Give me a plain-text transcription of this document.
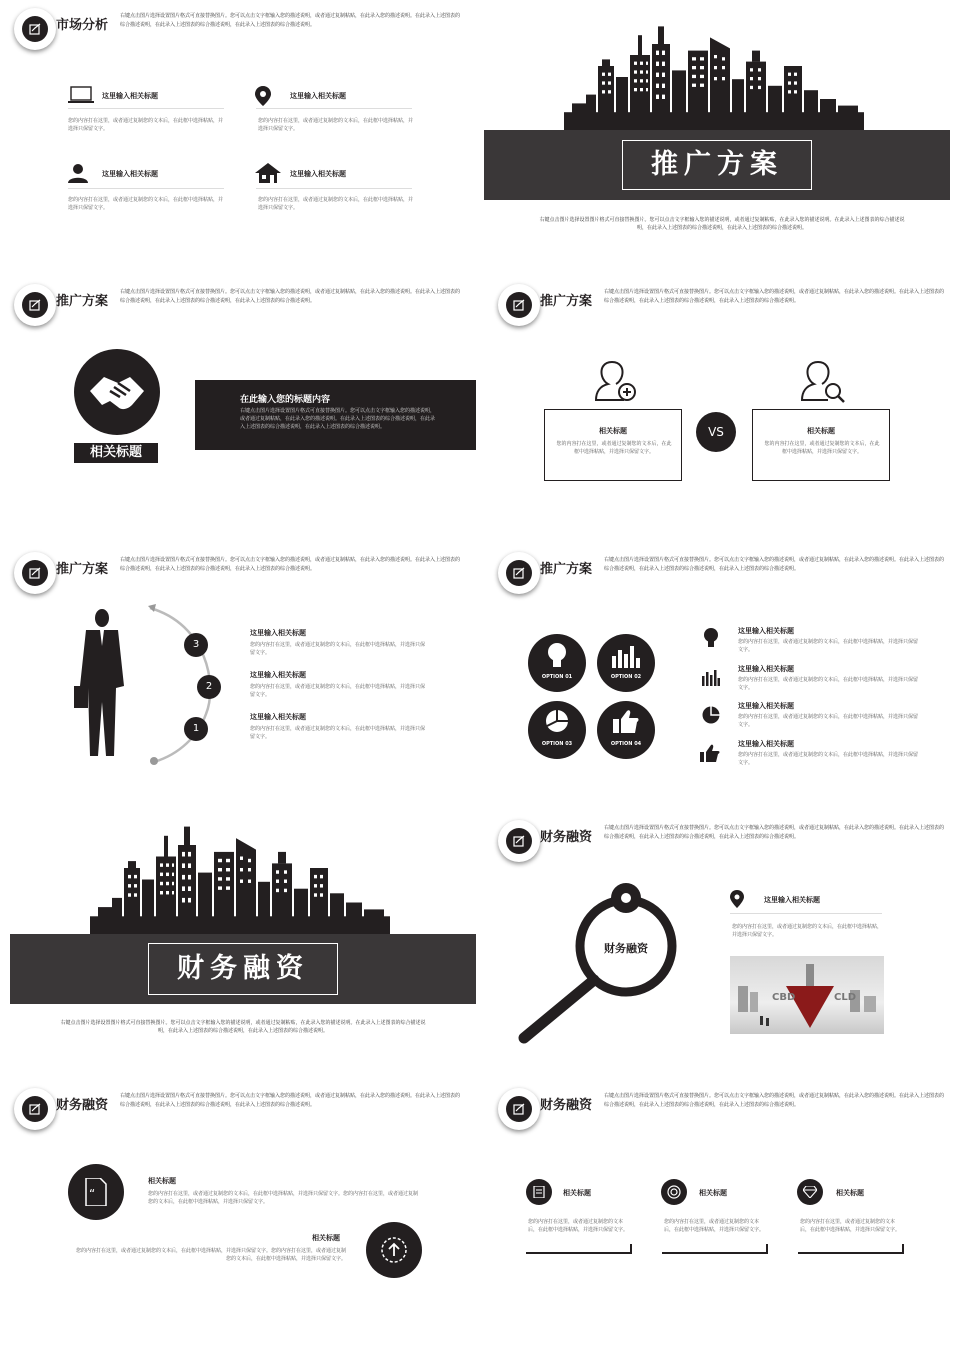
市场分析
右键点击图片选择设置图片格式可直接替换图片。您可以点击文字框输入您的描述说明，或者通过复制粘贴，在此录入您的描述说明。在此录入上述图表的综合描述说明，在此录入上述图表的综合描述说明，在此录入上述图表的综合描述说明。
这里输入相关标题
您的内容打在这里，或者通过复制您的文本后，在此框中选择粘贴，并选择只保留文字。
这里输入相关标题
您的内容打在这里，或者通过复制您的文本后，在此框中选择粘贴，并选择只保留文字。
这里输入相关标题
您的内容打在这里，或者通过复制您的文本后，在此框中选择粘贴，并选择只保留文字。
这里输入相关标题
您的内容打在这里，或者通过复制您的文本后，在此框中选择粘贴，并选择只保留文字。
推广方案
右键点击图片选择设置图片格式可直接替换图片。您可以点击文字框输入您的描述说明，或者通过复制粘贴，在此录入您的描述说明。在此录入上述图表的综合描述说明，在此录入上述图表的综合描述说明，在此录入上述图表的综合描述说明。
推广方案
右键点击图片选择设置图片格式可直接替换图片。您可以点击文字框输入您的描述说明，或者通过复制粘贴，在此录入您的描述说明。在此录入上述图表的综合描述说明，在此录入上述图表的综合描述说明，在此录入上述图表的综合描述说明。
相关标题
在此输入您的标题内容
右键点击图片选择设置图片格式可直接替换图片。您可以点击文字框输入您的描述说明，或者通过复制粘贴，在此录入您的描述说明。在此录入上述图表的综合描述说明，在此录入上述图表的综合描述说明，在此录入上述图表的综合描述说明。
推广方案
右键点击图片选择设置图片格式可直接替换图片。您可以点击文字框输入您的描述说明，或者通过复制粘贴，在此录入您的描述说明。在此录入上述图表的综合描述说明，在此录入上述图表的综合描述说明，在此录入上述图表的综合描述说明。
相关标题
您的内容打在这里，或者通过复制您的文本后，在此框中选择粘贴，并选择只保留文字。
VS	相关标题
您的内容打在这里，或者通过复制您的文本后，在此框中选择粘贴，并选择只保留文字。
推广方案
右键点击图片选择设置图片格式可直接替换图片。您可以点击文字框输入您的描述说明，或者通过复制粘贴，在此录入您的描述说明。在此录入上述图表的综合描述说明，在此录入上述图表的综合描述说明，在此录入上述图表的综合描述说明。
3
2
1
这里输入相关标题
您的内容打在这里，或者通过复制您的文本后，在此框中选择粘贴，并选择只保留文字。
这里输入相关标题
您的内容打在这里，或者通过复制您的文本后，在此框中选择粘贴，并选择只保留文字。
这里输入相关标题
您的内容打在这里，或者通过复制您的文本后，在此框中选择粘贴，并选择只保留文字。
推广方案
右键点击图片选择设置图片格式可直接替换图片。您可以点击文字框输入您的描述说明，或者通过复制粘贴，在此录入您的描述说明。在此录入上述图表的综合描述说明，在此录入上述图表的综合描述说明，在此录入上述图表的综合描述说明。
OPTION 01	OPTION 02
OPTION 03	OPTION 04
这里输入相关标题
您的内容打在这里，或者通过复制您的文本后，在此框中选择粘贴，并选择只保留文字。
这里输入相关标题
您的内容打在这里，或者通过复制您的文本后，在此框中选择粘贴，并选择只保留文字。
这里输入相关标题
您的内容打在这里，或者通过复制您的文本后，在此框中选择粘贴，并选择只保留文字。
这里输入相关标题
您的内容打在这里，或者通过复制您的文本后，在此框中选择粘贴，并选择只保留文字。
财务融资
右键点击图片选择设置图片格式可直接替换图片。您可以点击文字框输入您的描述说明，或者通过复制粘贴，在此录入您的描述说明。在此录入上述图表的综合描述说明，在此录入上述图表的综合描述说明，在此录入上述图表的综合描述说明。
财务融资
右键点击图片选择设置图片格式可直接替换图片。您可以点击文字框输入您的描述说明，或者通过复制粘贴，在此录入您的描述说明。在此录入上述图表的综合描述说明，在此录入上述图表的综合描述说明，在此录入上述图表的综合描述说明。
财务融资
这里输入相关标题
您的内容打在这里，或者通过复制您的文本后，在此框中选择粘贴，并选择只保留文字。
CBD	CLD
财务融资
右键点击图片选择设置图片格式可直接替换图片。您可以点击文字框输入您的描述说明，或者通过复制粘贴，在此录入您的描述说明。在此录入上述图表的综合描述说明，在此录入上述图表的综合描述说明，在此录入上述图表的综合描述说明。
“
相关标题
您的内容打在这里，或者通过复制您的文本后，在此框中选择粘贴，并选择只保留文字。您的内容打在这里，或者通过复制您的文本后，在此框中选择粘贴，并选择只保留文字。
相关标题
您的内容打在这里，或者通过复制您的文本后，在此框中选择粘贴，并选择只保留文字。您的内容打在这里，或者通过复制您的文本后，在此框中选择粘贴，并选择只保留文字。
财务融资
右键点击图片选择设置图片格式可直接替换图片。您可以点击文字框输入您的描述说明，或者通过复制粘贴，在此录入您的描述说明。在此录入上述图表的综合描述说明，在此录入上述图表的综合描述说明，在此录入上述图表的综合描述说明。
相关标题
您的内容打在这里，或者通过复制您的文本后，在此框中选择粘贴，并选择只保留文字。
相关标题
您的内容打在这里，或者通过复制您的文本后，在此框中选择粘贴，并选择只保留文字。
相关标题
您的内容打在这里，或者通过复制您的文本后，在此框中选择粘贴，并选择只保留文字。
